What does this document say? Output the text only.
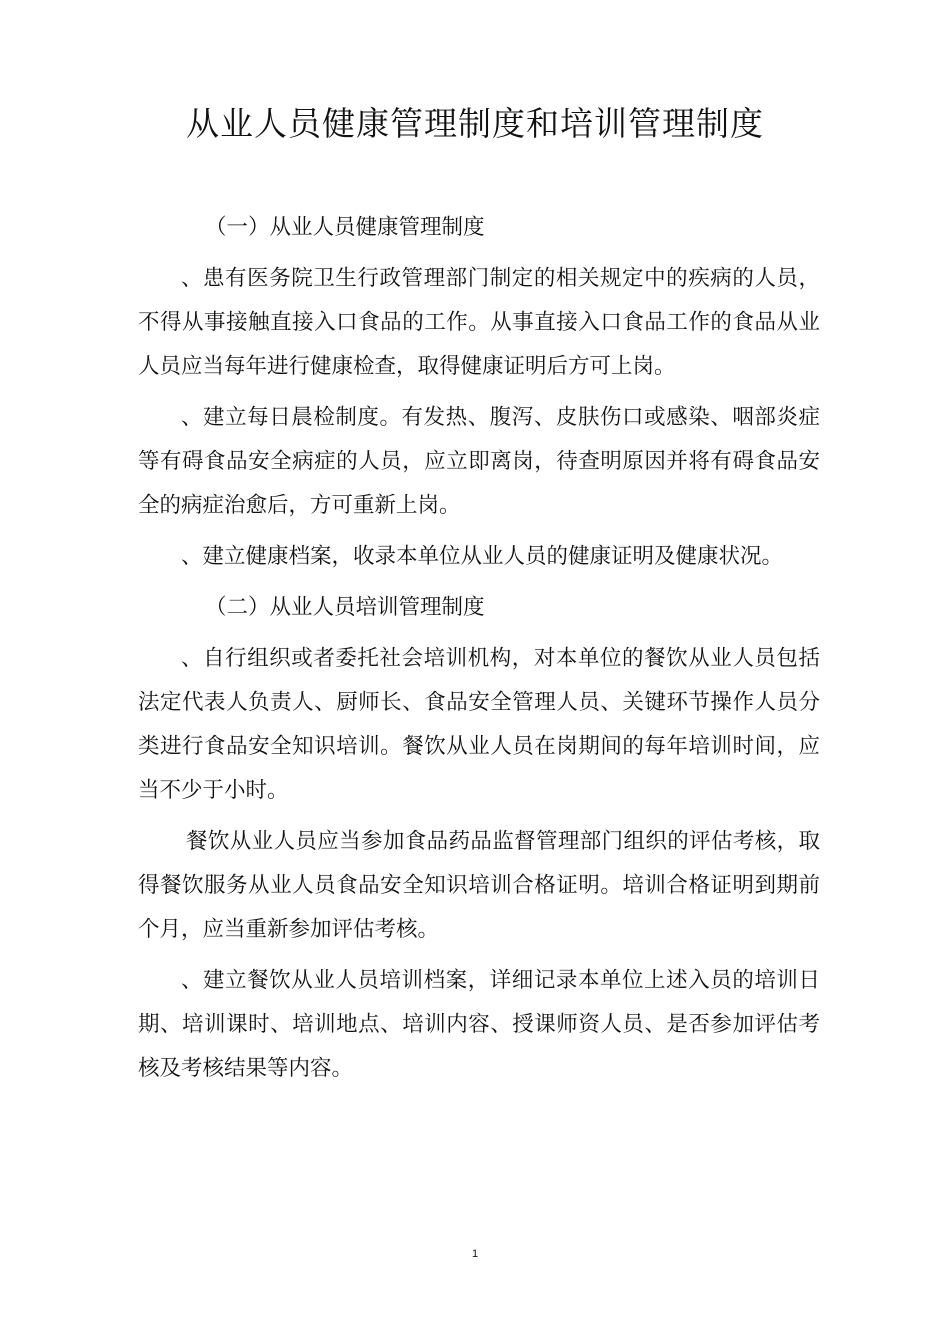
从业人员健康管理制度和培训管理制度

（一）从业人员健康管理制度

、患有医务院卫生行政管理部门制定的相关规定中的疾病的人员，不得从事接触直接入口食品的工作。从事直接入口食品工作的食品从业人员应当每年进行健康检查，取得健康证明后方可上岗。

、建立每日晨检制度。有发热、腹泻、皮肤伤口或感染、咽部炎症等有碍食品安全病症的人员，应立即离岗，待查明原因并将有碍食品安全的病症治愈后，方可重新上岗。

、建立健康档案，收录本单位从业人员的健康证明及健康状况。

（二）从业人员培训管理制度

、自行组织或者委托社会培训机构，对本单位的餐饮从业人员包括法定代表人负责人、厨师长、食品安全管理人员、关键环节操作人员分类进行食品安全知识培训。餐饮从业人员在岗期间的每年培训时间，应当不少于小时。

餐饮从业人员应当参加食品药品监督管理部门组织的评估考核，取得餐饮服务从业人员食品安全知识培训合格证明。培训合格证明到期前个月，应当重新参加评估考核。

、建立餐饮从业人员培训档案，详细记录本单位上述入员的培训日期、培训课时、培训地点、培训内容、授课师资人员、是否参加评估考核及考核结果等内容。

1
